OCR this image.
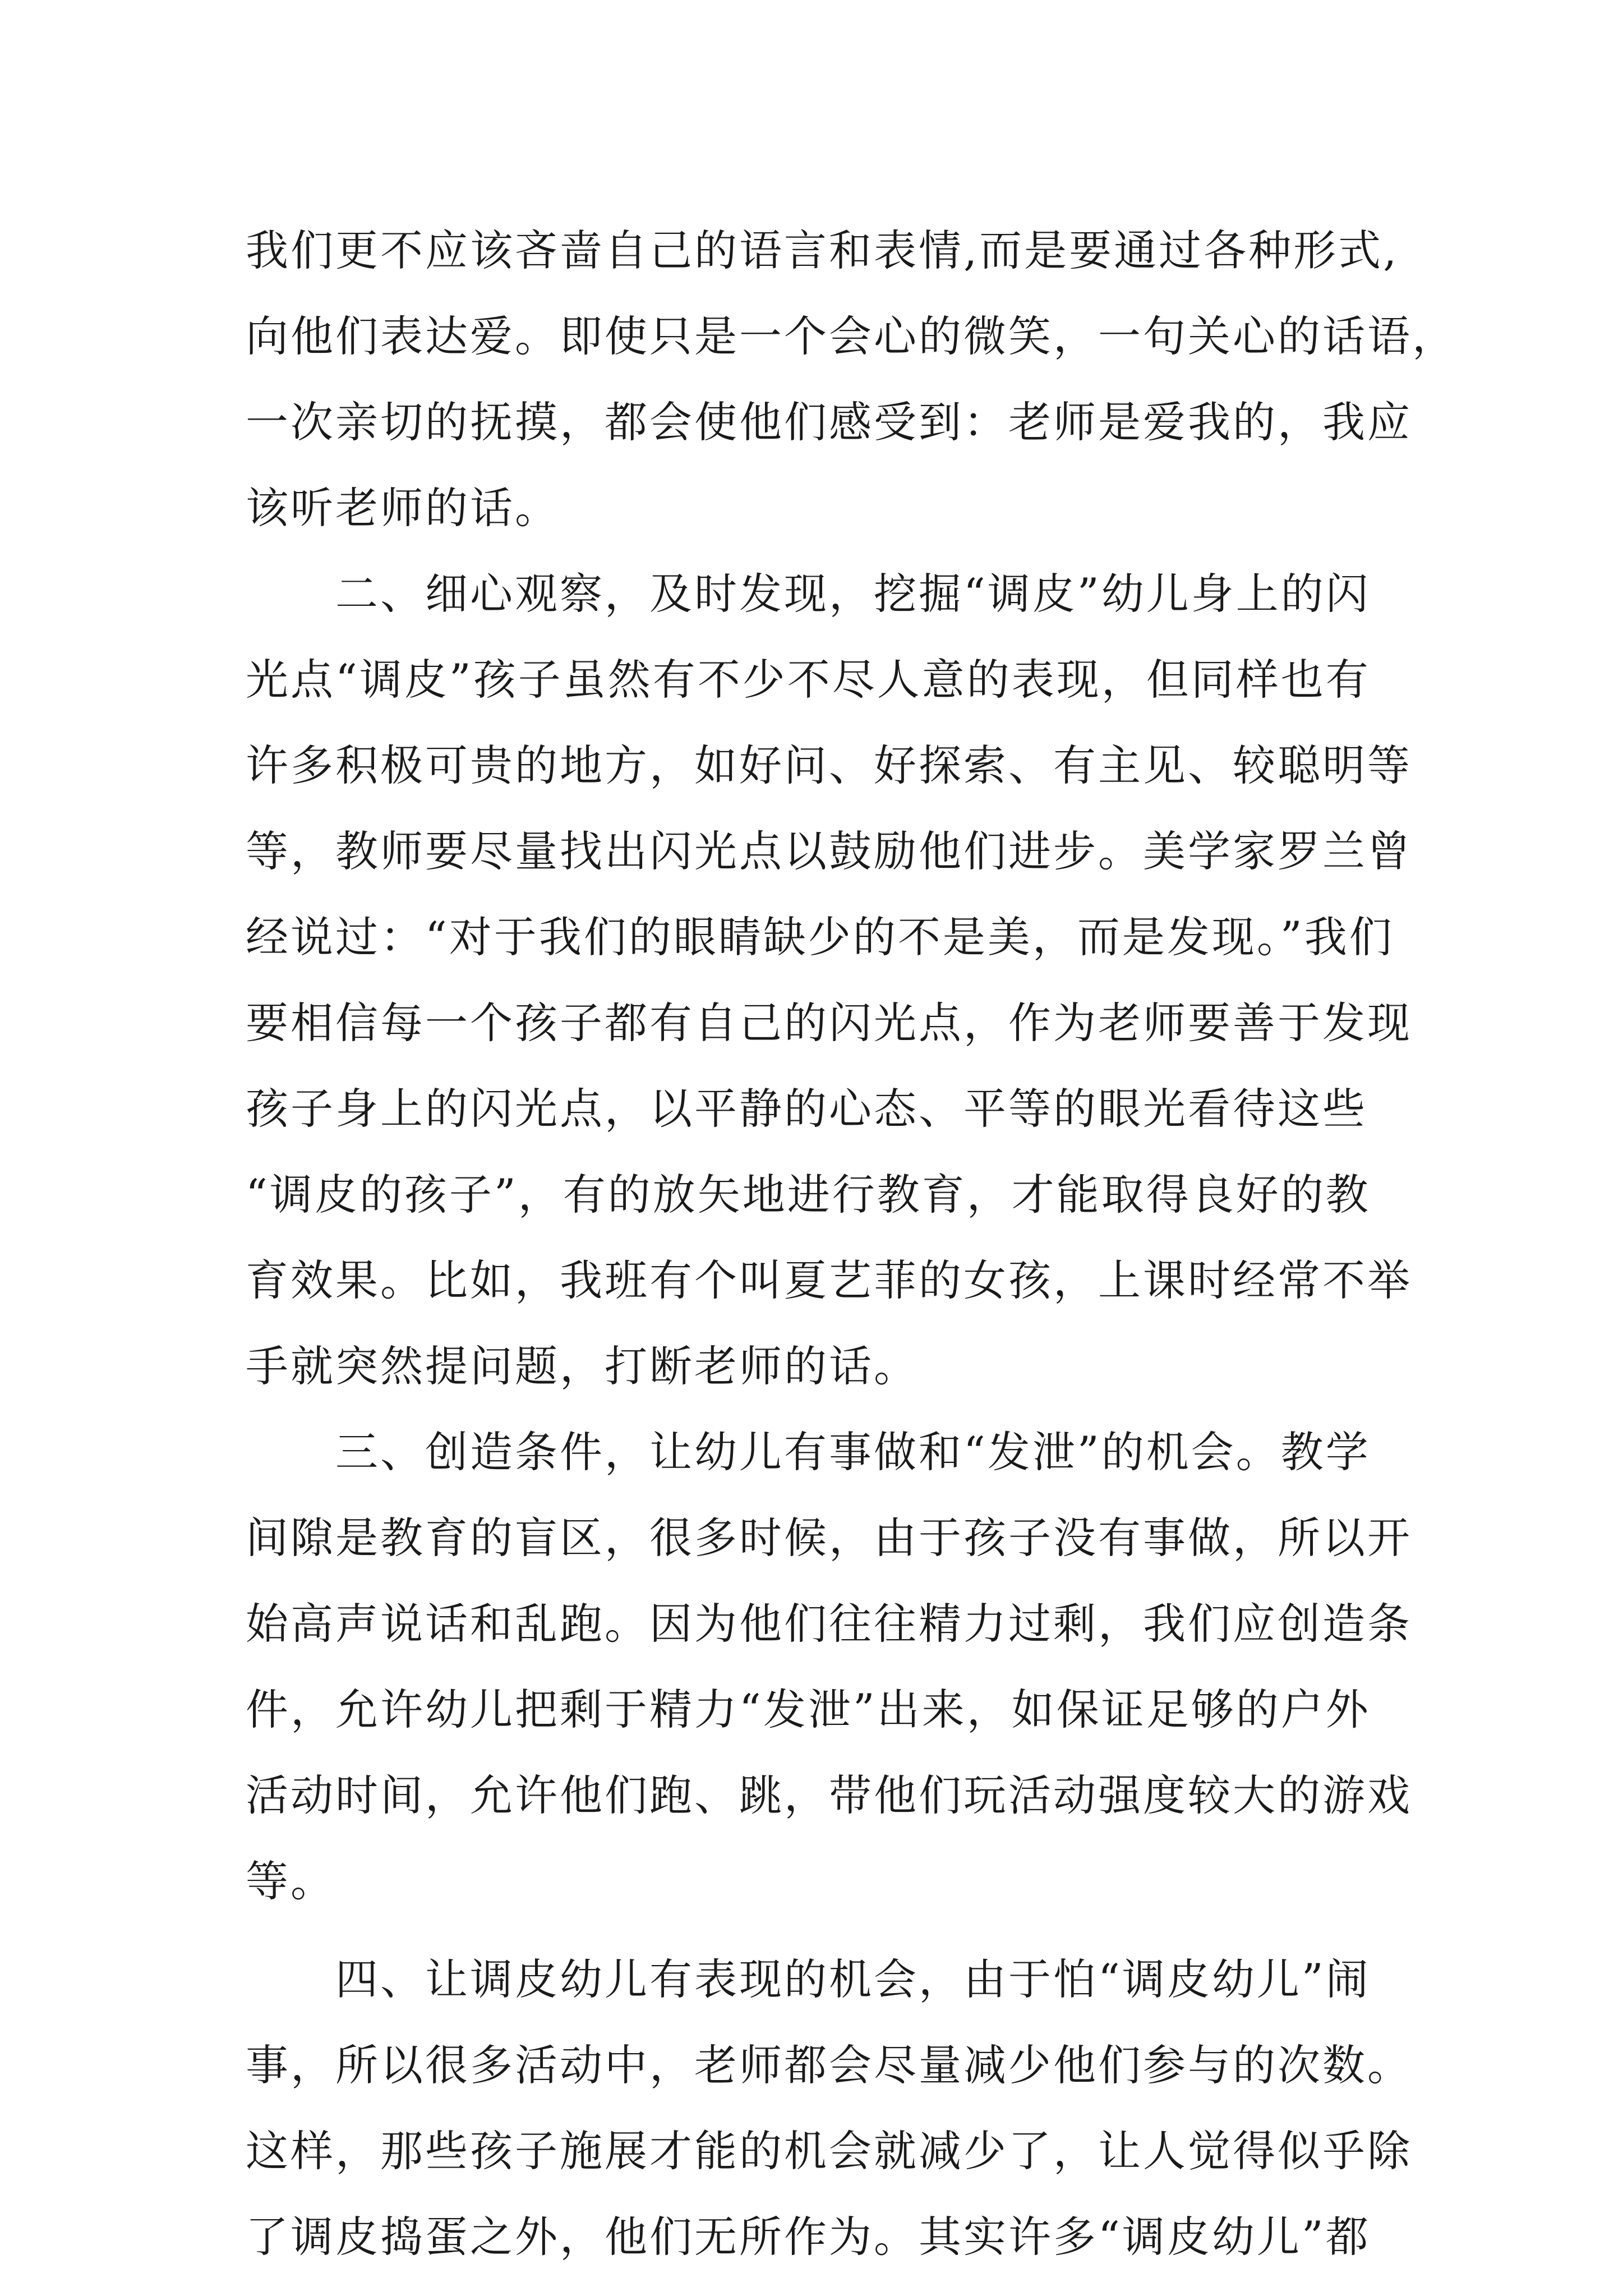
我们更不应该吝啬自己的语言和表情,而是要通过各种形式,
向他们表达爱。即使只是一个会心的微笑，一句关心的话语，
一次亲切的抚摸，都会使他们感受到：老师是爱我的，我应
该听老师的话。
　　二、细心观察，及时发现，挖掘“调皮”幼儿身上的闪
光点“调皮”孩子虽然有不少不尽人意的表现，但同样也有
许多积极可贵的地方，如好问、好探索、有主见、较聪明等
等，教师要尽量找出闪光点以鼓励他们进步。美学家罗兰曾
经说过：“对于我们的眼睛缺少的不是美，而是发现。”我们
要相信每一个孩子都有自己的闪光点，作为老师要善于发现
孩子身上的闪光点，以平静的心态、平等的眼光看待这些
“调皮的孩子”，有的放矢地进行教育，才能取得良好的教
育效果。比如，我班有个叫夏艺菲的女孩，上课时经常不举
手就突然提问题，打断老师的话。
　　三、创造条件，让幼儿有事做和“发泄”的机会。教学
间隙是教育的盲区，很多时候，由于孩子没有事做，所以开
始高声说话和乱跑。因为他们往往精力过剩，我们应创造条
件，允许幼儿把剩于精力“发泄”出来，如保证足够的户外
活动时间，允许他们跑、跳，带他们玩活动强度较大的游戏
等。
　　四、让调皮幼儿有表现的机会，由于怕“调皮幼儿”闹
事，所以很多活动中，老师都会尽量减少他们参与的次数。
这样，那些孩子施展才能的机会就减少了，让人觉得似乎除
了调皮捣蛋之外，他们无所作为。其实许多“调皮幼儿”都
